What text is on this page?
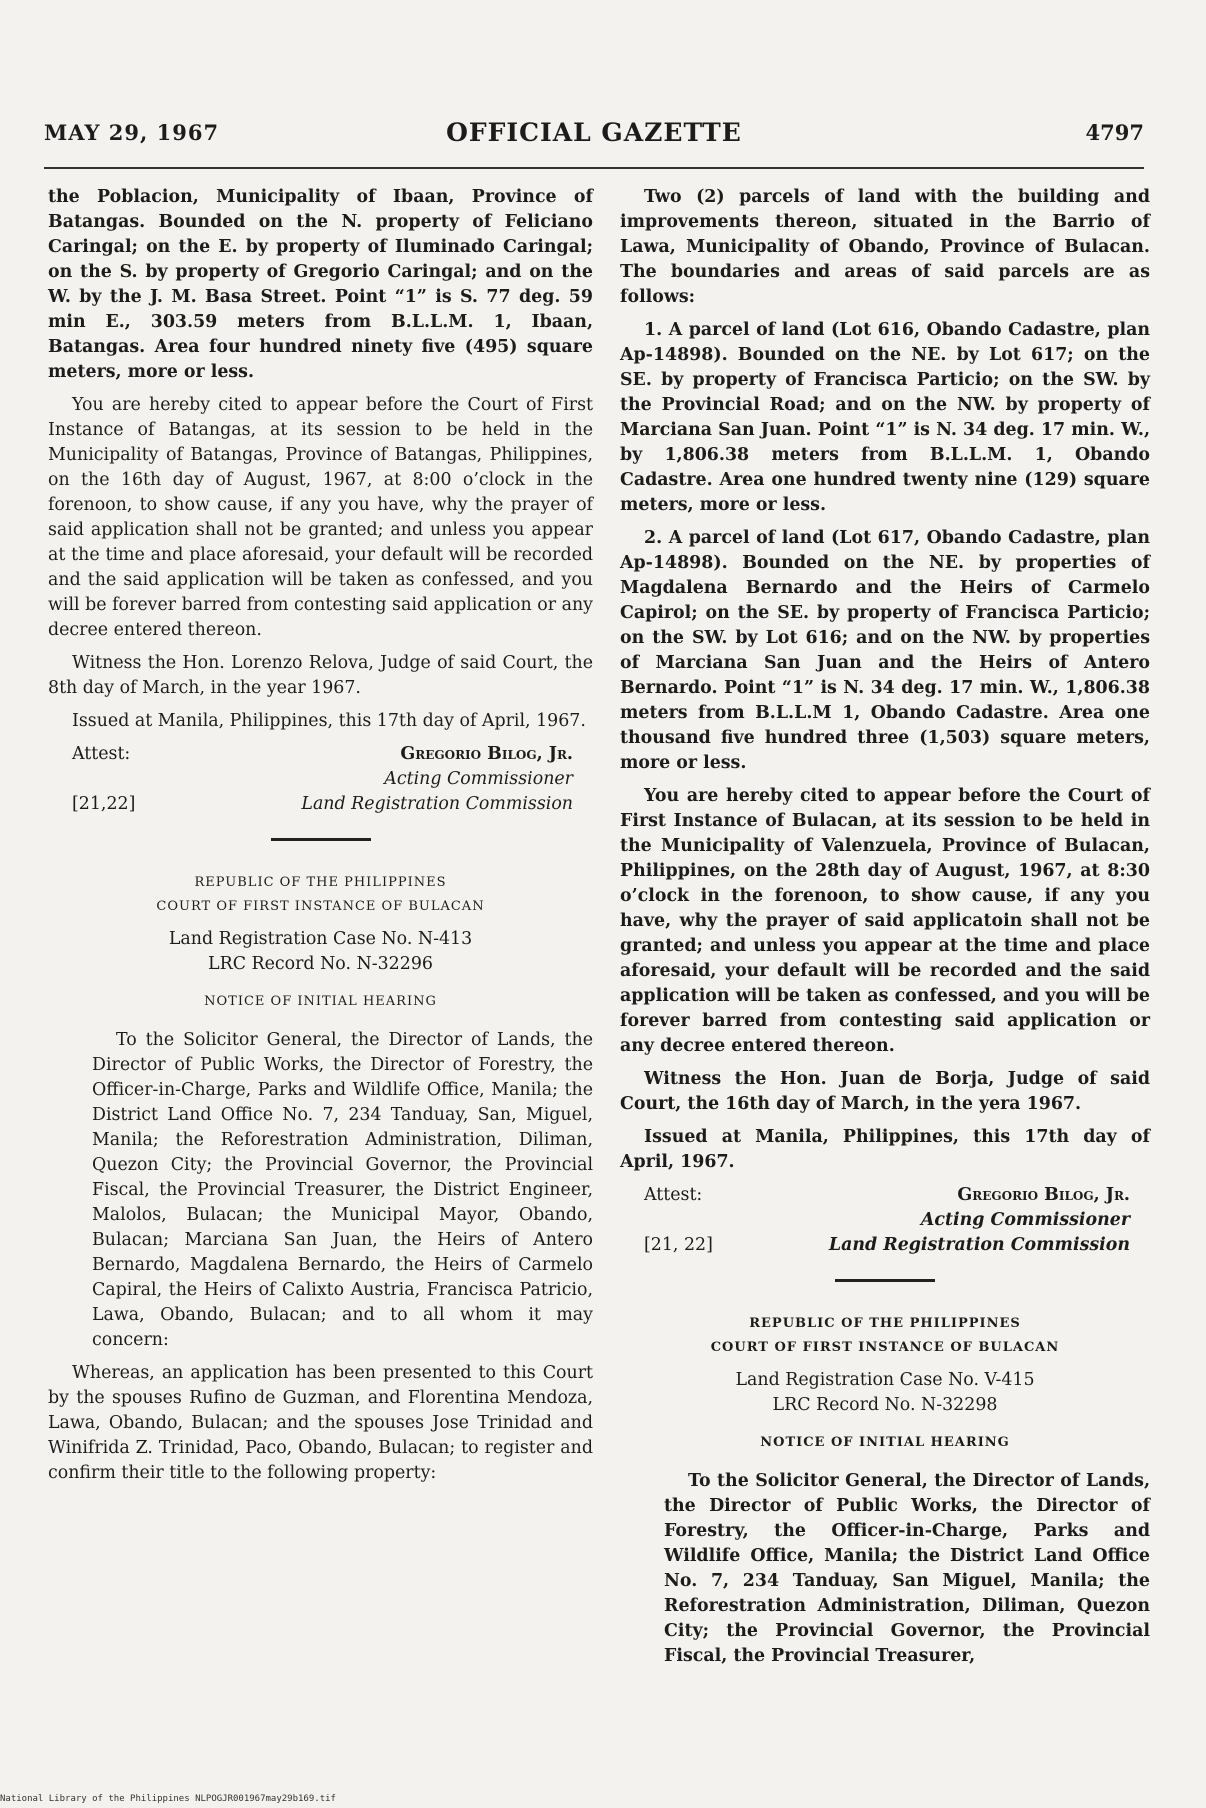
MAY 29, 1967	OFFICIAL GAZETTE	4797

the Poblacion, Municipality of Ibaan, Province of Batangas. Bounded on the N. property of Feliciano Caringal; on the E. by property of Iluminado Caringal; on the S. by property of Gregorio Caringal; and on the W. by the J. M. Basa Street. Point “1” is S. 77 deg. 59 min E., 303.59 meters from B.L.L.M. 1, Ibaan, Batangas. Area four hundred ninety five (495) square meters, more or less.

You are hereby cited to appear before the Court of First Instance of Batangas, at its session to be held in the Municipality of Batangas, Province of Batangas, Philippines, on the 16th day of August, 1967, at 8:00 o’clock in the forenoon, to show cause, if any you have, why the prayer of said application shall not be granted; and unless you appear at the time and place aforesaid, your default will be recorded and the said application will be taken as confessed, and you will be forever barred from contesting said application or any decree entered thereon.

Witness the Hon. Lorenzo Relova, Judge of said Court, the 8th day of March, in the year 1967.

Issued at Manila, Philippines, this 17th day of April, 1967.

Attest:	Gregorio Bilog, Jr.
Acting Commissioner
[21,22]	Land Registration Commission
REPUBLIC OF THE PHILIPPINES
COURT OF FIRST INSTANCE OF BULACAN
Land Registration Case No. N-413
LRC Record No. N-32296
NOTICE OF INITIAL HEARING

To the Solicitor General, the Director of Lands, the Director of Public Works, the Director of Forestry, the Officer-in-Charge, Parks and Wildlife Office, Manila; the District Land Office No. 7, 234 Tanduay, San, Miguel, Manila; the Reforestration Administration, Diliman, Quezon City; the Provincial Governor, the Provincial Fiscal, the Provincial Treasurer, the District Engineer, Malolos, Bulacan; the Municipal Mayor, Obando, Bulacan; Marciana San Juan, the Heirs of Antero Bernardo, Magdalena Bernardo, the Heirs of Carmelo Capiral, the Heirs of Calixto Austria, Francisca Patricio, Lawa, Obando, Bulacan; and to all whom it may concern:

Whereas, an application has been presented to this Court by the spouses Rufino de Guzman, and Florentina Mendoza, Lawa, Obando, Bulacan; and the spouses Jose Trinidad and Winifrida Z. Trinidad, Paco, Obando, Bulacan; to register and confirm their title to the following property:

Two (2) parcels of land with the building and improvements thereon, situated in the Barrio of Lawa, Municipality of Obando, Province of Bulacan. The boundaries and areas of said parcels are as follows:

1. A parcel of land (Lot 616, Obando Cadastre, plan Ap-14898). Bounded on the NE. by Lot 617; on the SE. by property of Francisca Particio; on the SW. by the Provincial Road; and on the NW. by property of Marciana San Juan. Point “1” is N. 34 deg. 17 min. W., by 1,806.38 meters from B.L.L.M. 1, Obando Cadastre. Area one hundred twenty nine (129) square meters, more or less.

2. A parcel of land (Lot 617, Obando Cadastre, plan Ap-14898). Bounded on the NE. by properties of Magdalena Bernardo and the Heirs of Carmelo Capirol; on the SE. by property of Francisca Particio; on the SW. by Lot 616; and on the NW. by properties of Marciana San Juan and the Heirs of Antero Bernardo. Point “1” is N. 34 deg. 17 min. W., 1,806.38 meters from B.L.L.M 1, Obando Cadastre. Area one thousand five hundred three (1,503) square meters, more or less.

You are hereby cited to appear before the Court of First Instance of Bulacan, at its session to be held in the Municipality of Valenzuela, Province of Bulacan, Philippines, on the 28th day of August, 1967, at 8:30 o’clock in the forenoon, to show cause, if any you have, why the prayer of said applicatoin shall not be granted; and unless you appear at the time and place aforesaid, your default will be recorded and the said application will be taken as confessed, and you will be forever barred from contesting said application or any decree entered thereon.

Witness the Hon. Juan de Borja, Judge of said Court, the 16th day of March, in the yera 1967.

Issued at Manila, Philippines, this 17th day of April, 1967.

Attest:	Gregorio Bilog, Jr.
Acting Commissioner
[21, 22]	Land Registration Commission
REPUBLIC OF THE PHILIPPINES
COURT OF FIRST INSTANCE OF BULACAN
Land Registration Case No. V-415
LRC Record No. N-32298
NOTICE OF INITIAL HEARING

To the Solicitor General, the Director of Lands, the Director of Public Works, the Director of Forestry, the Officer-in-Charge, Parks and Wildlife Office, Manila; the District Land Office No. 7, 234 Tanduay, San Miguel, Manila; the Reforestration Administration, Diliman, Quezon City; the Provincial Governor, the Provincial Fiscal, the Provincial Treasurer,

National Library of the Philippines NLPOGJR001967may29b169.tif
